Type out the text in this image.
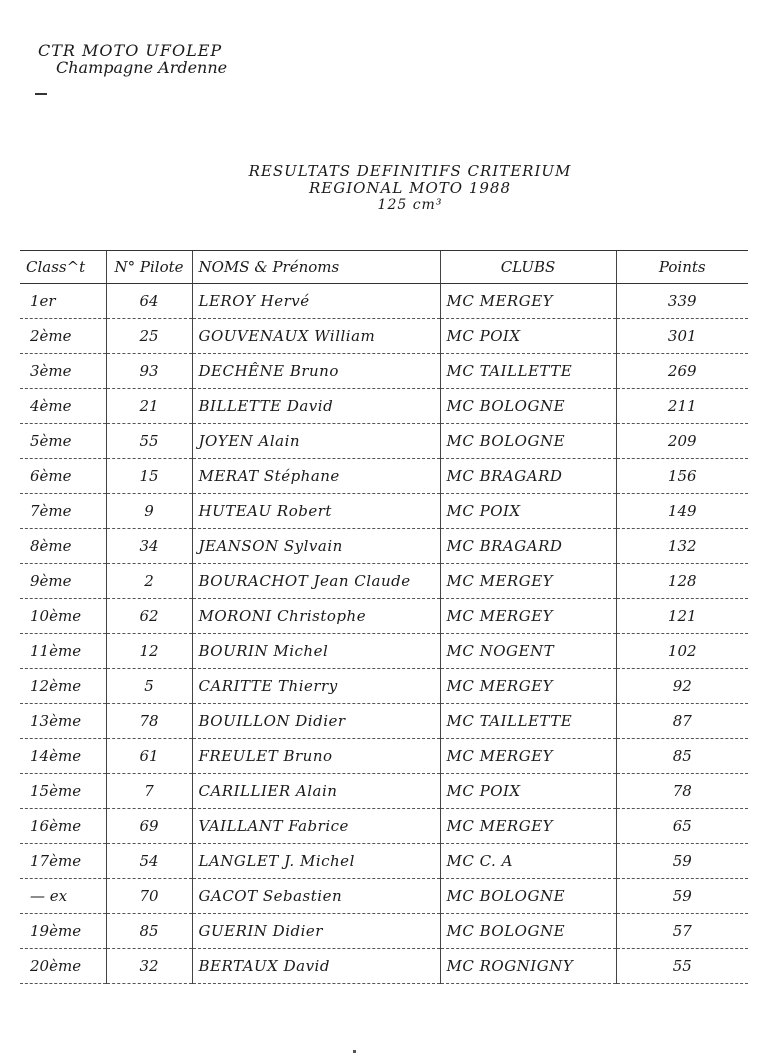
CTR MOTO UFOLEP
Champagne Ardenne
RESULTATS DEFINITIFS CRITERIUM
REGIONAL MOTO 1988
125 cm³
Class^t	N° Pilote	NOMS & Prénoms	CLUBS	Points
1er	64	LEROY Hervé	MC MERGEY	339
2ème	25	GOUVENAUX William	MC POIX	301
3ème	93	DECHÊNE Bruno	MC TAILLETTE	269
4ème	21	BILLETTE David	MC BOLOGNE	211
5ème	55	JOYEN Alain	MC BOLOGNE	209
6ème	15	MERAT Stéphane	MC BRAGARD	156
7ème	9	HUTEAU Robert	MC POIX	149
8ème	34	JEANSON Sylvain	MC BRAGARD	132
9ème	2	BOURACHOT Jean Claude	MC MERGEY	128
10ème	62	MORONI Christophe	MC MERGEY	121
11ème	12	BOURIN Michel	MC NOGENT	102
12ème	5	CARITTE Thierry	MC MERGEY	92
13ème	78	BOUILLON Didier	MC TAILLETTE	87
14ème	61	FREULET Bruno	MC MERGEY	85
15ème	7	CARILLIER Alain	MC POIX	78
16ème	69	VAILLANT Fabrice	MC MERGEY	65
17ème	54	LANGLET J. Michel	MC C. A	59
— ex	70	GACOT Sebastien	MC BOLOGNE	59
19ème	85	GUERIN Didier	MC BOLOGNE	57
20ème	32	BERTAUX David	MC ROGNIGNY	55
